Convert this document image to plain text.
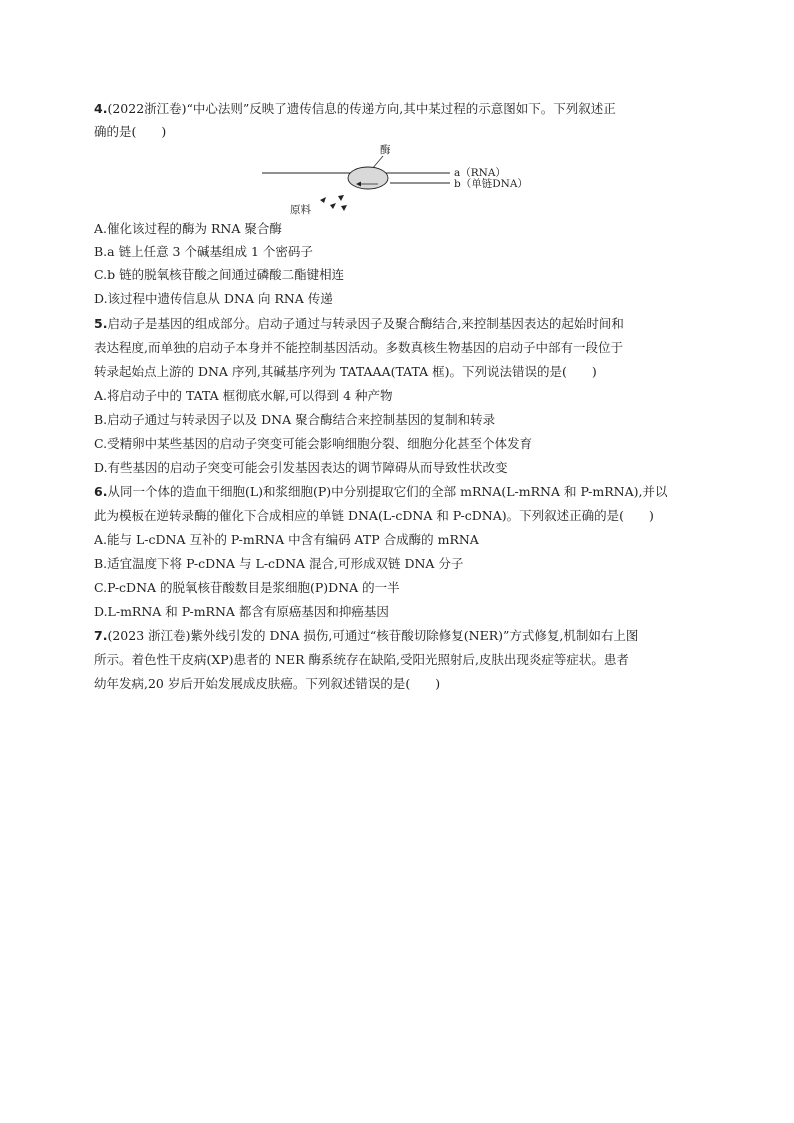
4.(2022浙江卷)“中心法则”反映了遗传信息的传递方向,其中某过程的示意图如下。下列叙述正
确的是(　　)
酶
a（RNA）
b（单链DNA）
原料
A.催化该过程的酶为 RNA 聚合酶
B.a 链上任意 3 个碱基组成 1 个密码子
C.b 链的脱氧核苷酸之间通过磷酸二酯键相连
D.该过程中遗传信息从 DNA 向 RNA 传递
5.启动子是基因的组成部分。启动子通过与转录因子及聚合酶结合,来控制基因表达的起始时间和
表达程度,而单独的启动子本身并不能控制基因活动。多数真核生物基因的启动子中部有一段位于
转录起始点上游的 DNA 序列,其碱基序列为 TATAAA(TATA 框)。下列说法错误的是(　　)
A.将启动子中的 TATA 框彻底水解,可以得到 4 种产物
B.启动子通过与转录因子以及 DNA 聚合酶结合来控制基因的复制和转录
C.受精卵中某些基因的启动子突变可能会影响细胞分裂、细胞分化甚至个体发育
D.有些基因的启动子突变可能会引发基因表达的调节障碍从而导致性状改变
6.从同一个体的造血干细胞(L)和浆细胞(P)中分别提取它们的全部 mRNA(L-mRNA 和 P-mRNA),并以
此为模板在逆转录酶的催化下合成相应的单链 DNA(L-cDNA 和 P-cDNA)。下列叙述正确的是(　　)
A.能与 L-cDNA 互补的 P-mRNA 中含有编码 ATP 合成酶的 mRNA
B.适宜温度下将 P-cDNA 与 L-cDNA 混合,可形成双链 DNA 分子
C.P-cDNA 的脱氧核苷酸数目是浆细胞(P)DNA 的一半
D.L-mRNA 和 P-mRNA 都含有原癌基因和抑癌基因
7.(2023 浙江卷)紫外线引发的 DNA 损伤,可通过“核苷酸切除修复(NER)”方式修复,机制如右上图
所示。着色性干皮病(XP)患者的 NER 酶系统存在缺陷,受阳光照射后,皮肤出现炎症等症状。患者
幼年发病,20 岁后开始发展成皮肤癌。下列叙述错误的是(　　)
